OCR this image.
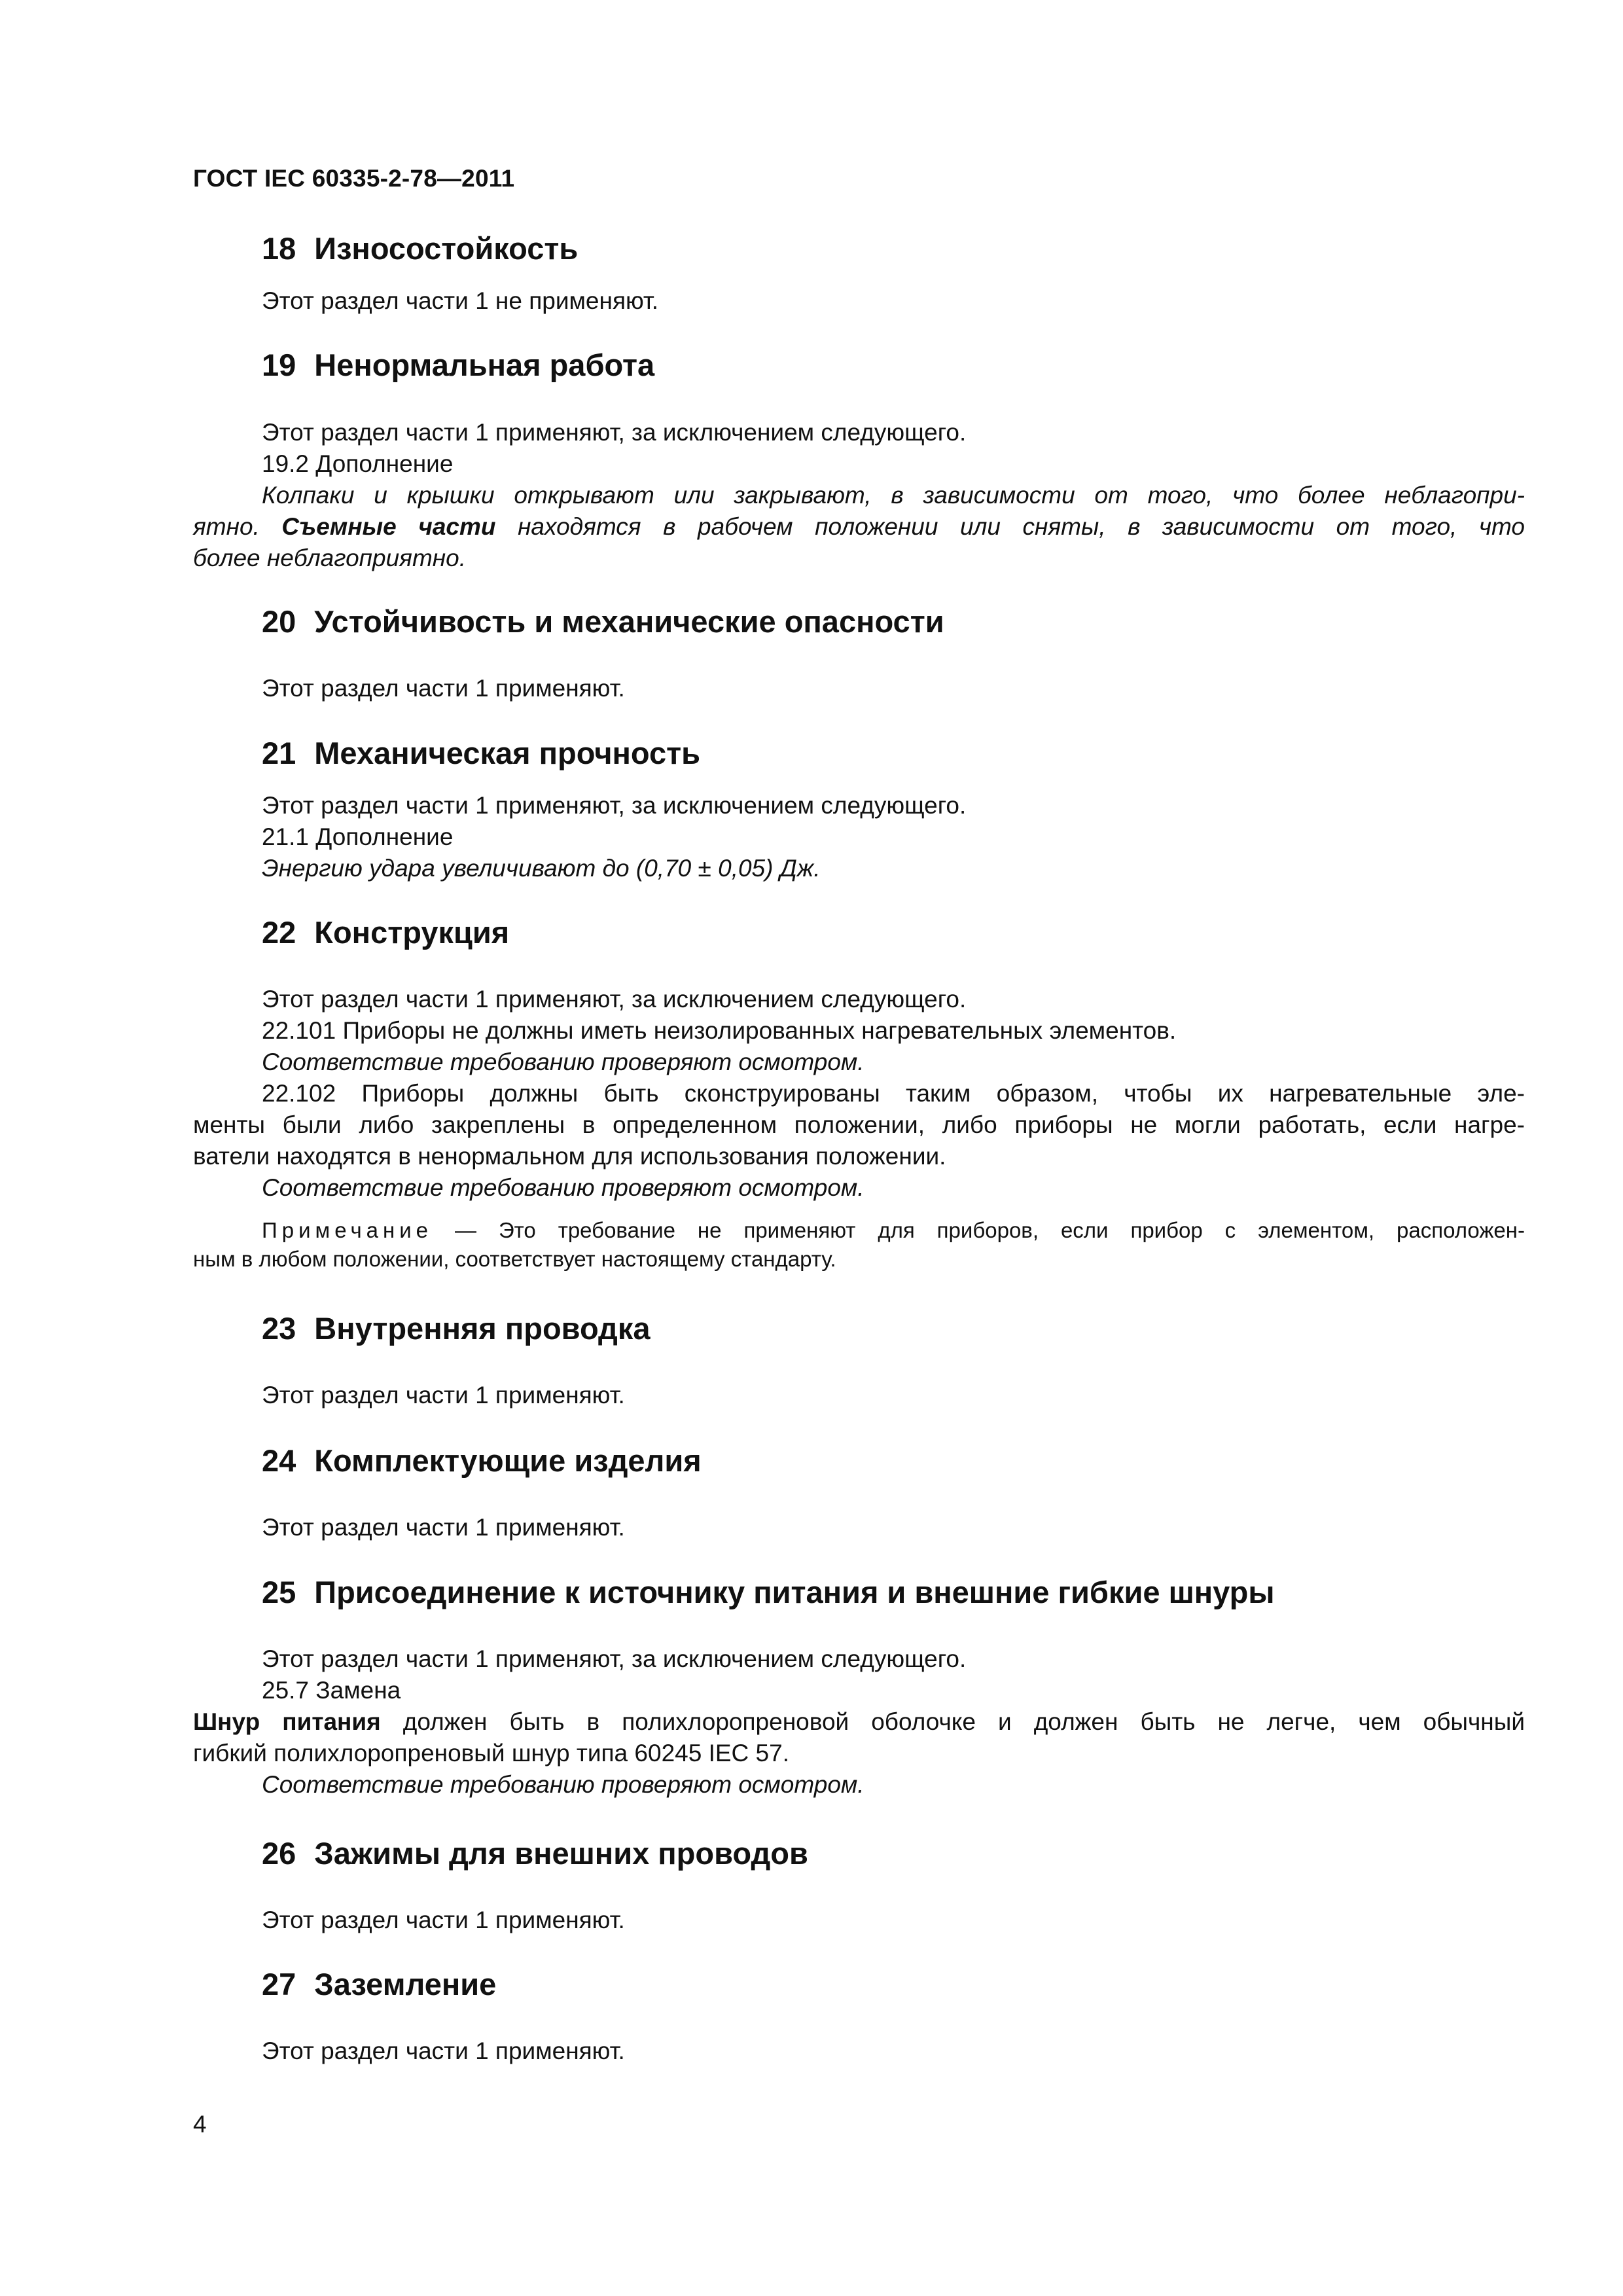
ГОСТ IEC 60335-2-78—2011

18 Износостойкость

Этот раздел части 1 не применяют.

19 Ненормальная работа

Этот раздел части 1 применяют, за исключением следующего.

19.2 Дополнение

Колпаки и крышки открывают или закрывают, в зависимости от того, что более неблагопри-

ятно. Съемные части находятся в рабочем положении или сняты, в зависимости от того, что

более неблагоприятно.

20 Устойчивость и механические опасности

Этот раздел части 1 применяют.

21 Механическая прочность

Этот раздел части 1 применяют, за исключением следующего.

21.1 Дополнение

Энергию удара увеличивают до (0,70 ± 0,05) Дж.

22 Конструкция

Этот раздел части 1 применяют, за исключением следующего.

22.101 Приборы не должны иметь неизолированных нагревательных элементов.

Соответствие требованию проверяют осмотром.

22.102 Приборы должны быть сконструированы таким образом, чтобы их нагревательные эле-

менты были либо закреплены в определенном положении, либо приборы не могли работать, если нагре-

ватели находятся в ненормальном для использования положении.

Соответствие требованию проверяют осмотром.

Примечание — Это требование не применяют для приборов, если прибор с элементом, расположен-

ным в любом положении, соответствует настоящему стандарту.

23 Внутренняя проводка

Этот раздел части 1 применяют.

24 Комплектующие изделия

Этот раздел части 1 применяют.

25 Присоединение к источнику питания и внешние гибкие шнуры

Этот раздел части 1 применяют, за исключением следующего.

25.7 Замена

Шнур питания должен быть в полихлоропреновой оболочке и должен быть не легче, чем обычный

гибкий полихлоропреновый шнур типа 60245 IEC 57.

Соответствие требованию проверяют осмотром.

26 Зажимы для внешних проводов

Этот раздел части 1 применяют.

27 Заземление

Этот раздел части 1 применяют.

4
